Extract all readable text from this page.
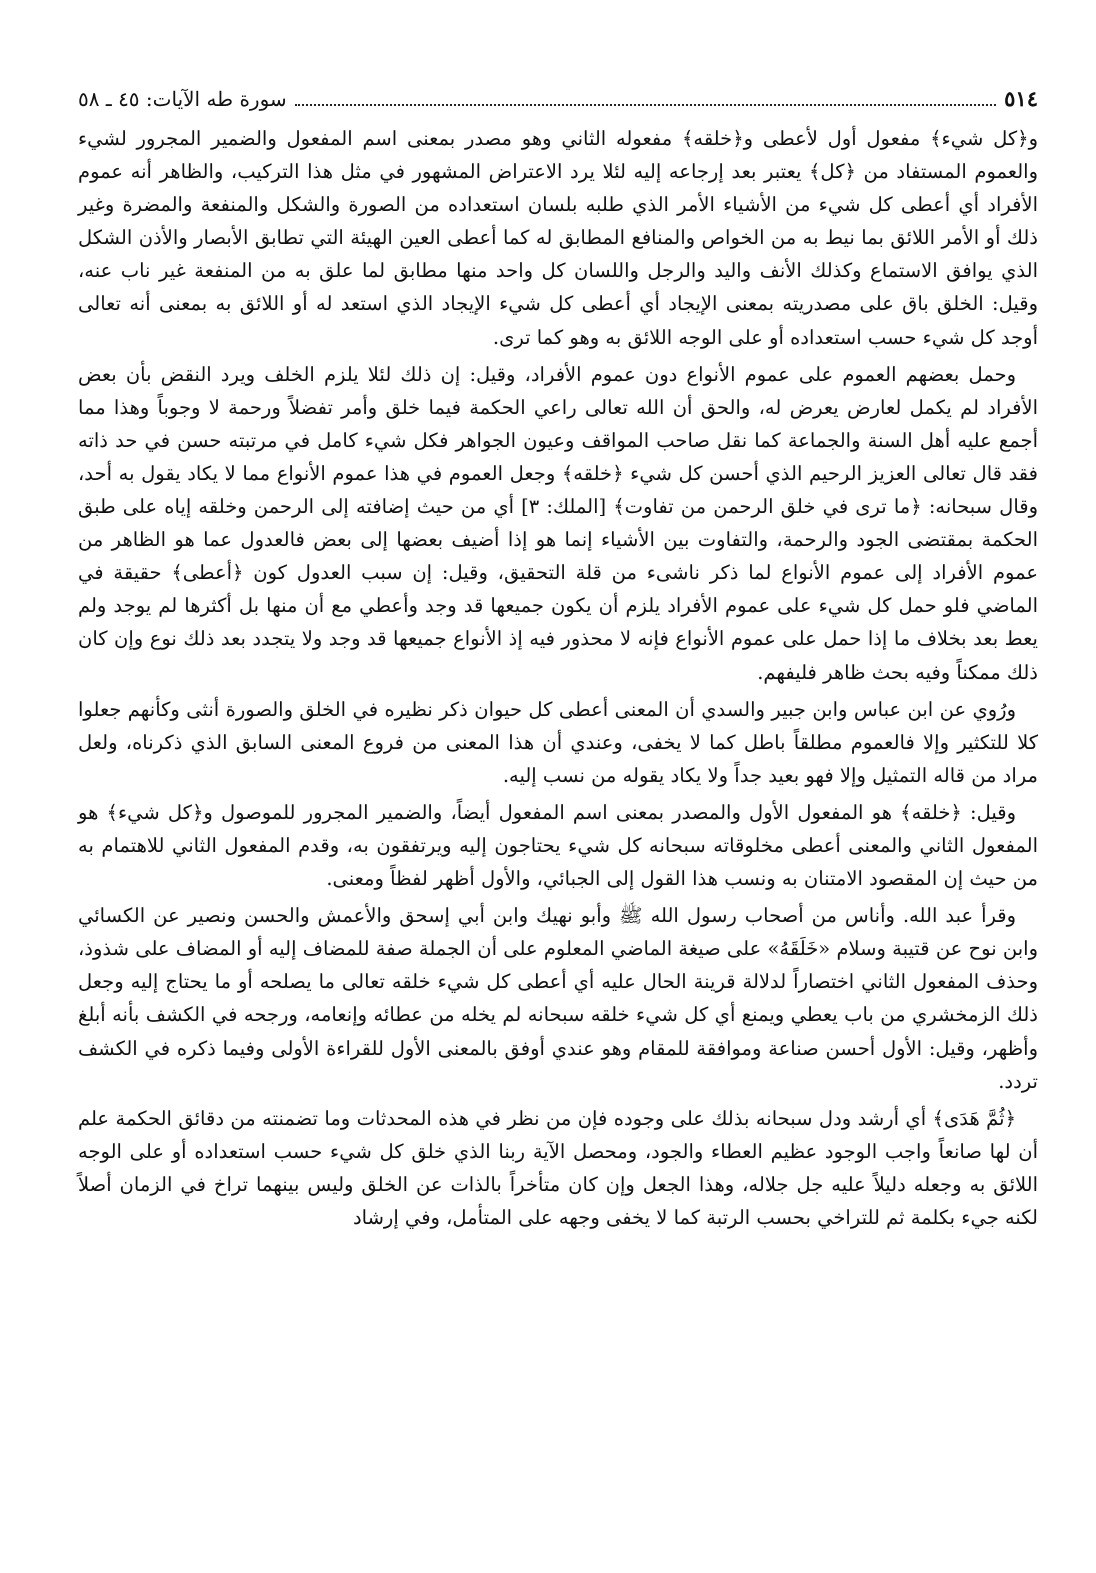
٥١٤
سورة طه الآيات: ٤٥ ـ ٥٨

و﴿كل شيء﴾ مفعول أول لأعطى و﴿خلقه﴾ مفعوله الثاني وهو مصدر بمعنى اسم المفعول والضمير المجرور لشيء والعموم المستفاد من ﴿كل﴾ يعتبر بعد إرجاعه إليه لئلا يرد الاعتراض المشهور في مثل هذا التركيب، والظاهر أنه عموم الأفراد أي أعطى كل شيء من الأشياء الأمر الذي طلبه بلسان استعداده من الصورة والشكل والمنفعة والمضرة وغير ذلك أو الأمر اللائق بما نيط به من الخواص والمنافع المطابق له كما أعطى العين الهيئة التي تطابق الأبصار والأذن الشكل الذي يوافق الاستماع وكذلك الأنف واليد والرجل واللسان كل واحد منها مطابق لما علق به من المنفعة غير ناب عنه، وقيل: الخلق باق على مصدريته بمعنى الإيجاد أي أعطى كل شيء الإيجاد الذي استعد له أو اللائق به بمعنى أنه تعالى أوجد كل شيء حسب استعداده أو على الوجه اللائق به وهو كما ترى.

وحمل بعضهم العموم على عموم الأنواع دون عموم الأفراد، وقيل: إن ذلك لئلا يلزم الخلف ويرد النقض بأن بعض الأفراد لم يكمل لعارض يعرض له، والحق أن الله تعالى راعي الحكمة فيما خلق وأمر تفضلاً ورحمة لا وجوباً وهذا مما أجمع عليه أهل السنة والجماعة كما نقل صاحب المواقف وعيون الجواهر فكل شيء كامل في مرتبته حسن في حد ذاته فقد قال تعالى العزيز الرحيم الذي أحسن كل شيء ﴿خلقه﴾ وجعل العموم في هذا عموم الأنواع مما لا يكاد يقول به أحد، وقال سبحانه: ﴿ما ترى في خلق الرحمن من تفاوت﴾ [الملك: ٣] أي من حيث إضافته إلى الرحمن وخلقه إياه على طبق الحكمة بمقتضى الجود والرحمة، والتفاوت بين الأشياء إنما هو إذا أضيف بعضها إلى بعض فالعدول عما هو الظاهر من عموم الأفراد إلى عموم الأنواع لما ذكر ناشىء من قلة التحقيق، وقيل: إن سبب العدول كون ﴿أعطى﴾ حقيقة في الماضي فلو حمل كل شيء على عموم الأفراد يلزم أن يكون جميعها قد وجد وأعطي مع أن منها بل أكثرها لم يوجد ولم يعط بعد بخلاف ما إذا حمل على عموم الأنواع فإنه لا محذور فيه إذ الأنواع جميعها قد وجد ولا يتجدد بعد ذلك نوع وإن كان ذلك ممكناً وفيه بحث ظاهر فليفهم.

ورُوي عن ابن عباس وابن جبير والسدي أن المعنى أعطى كل حيوان ذكر نظيره في الخلق والصورة أنثى وكأنهم جعلوا كلا للتكثير وإلا فالعموم مطلقاً باطل كما لا يخفى، وعندي أن هذا المعنى من فروع المعنى السابق الذي ذكرناه، ولعل مراد من قاله التمثيل وإلا فهو بعيد جداً ولا يكاد يقوله من نسب إليه.

وقيل: ﴿خلقه﴾ هو المفعول الأول والمصدر بمعنى اسم المفعول أيضاً، والضمير المجرور للموصول و﴿كل شيء﴾ هو المفعول الثاني والمعنى أعطى مخلوقاته سبحانه كل شيء يحتاجون إليه ويرتفقون به، وقدم المفعول الثاني للاهتمام به من حيث إن المقصود الامتنان به ونسب هذا القول إلى الجبائي، والأول أظهر لفظاً ومعنى.

وقرأ عبد الله. وأناس من أصحاب رسول الله ﷺ وأبو نهيك وابن أبي إسحق والأعمش والحسن ونصير عن الكسائي وابن نوح عن قتيبة وسلام «خَلَقَهُ» على صيغة الماضي المعلوم على أن الجملة صفة للمضاف إليه أو المضاف على شذوذ، وحذف المفعول الثاني اختصاراً لدلالة قرينة الحال عليه أي أعطى كل شيء خلقه تعالى ما يصلحه أو ما يحتاج إليه وجعل ذلك الزمخشري من باب يعطي ويمنع أي كل شيء خلقه سبحانه لم يخله من عطائه وإنعامه، ورجحه في الكشف بأنه أبلغ وأظهر، وقيل: الأول أحسن صناعة وموافقة للمقام وهو عندي أوفق بالمعنى الأول للقراءة الأولى وفيما ذكره في الكشف تردد.

﴿ثُمَّ هَدَى﴾ أي أرشد ودل سبحانه بذلك على وجوده فإن من نظر في هذه المحدثات وما تضمنته من دقائق الحكمة علم أن لها صانعاً واجب الوجود عظيم العطاء والجود، ومحصل الآية ربنا الذي خلق كل شيء حسب استعداده أو على الوجه اللائق به وجعله دليلاً عليه جل جلاله، وهذا الجعل وإن كان متأخراً بالذات عن الخلق وليس بينهما تراخ في الزمان أصلاً لكنه جيء بكلمة ثم للتراخي بحسب الرتبة كما لا يخفى وجهه على المتأمل، وفي إرشاد
